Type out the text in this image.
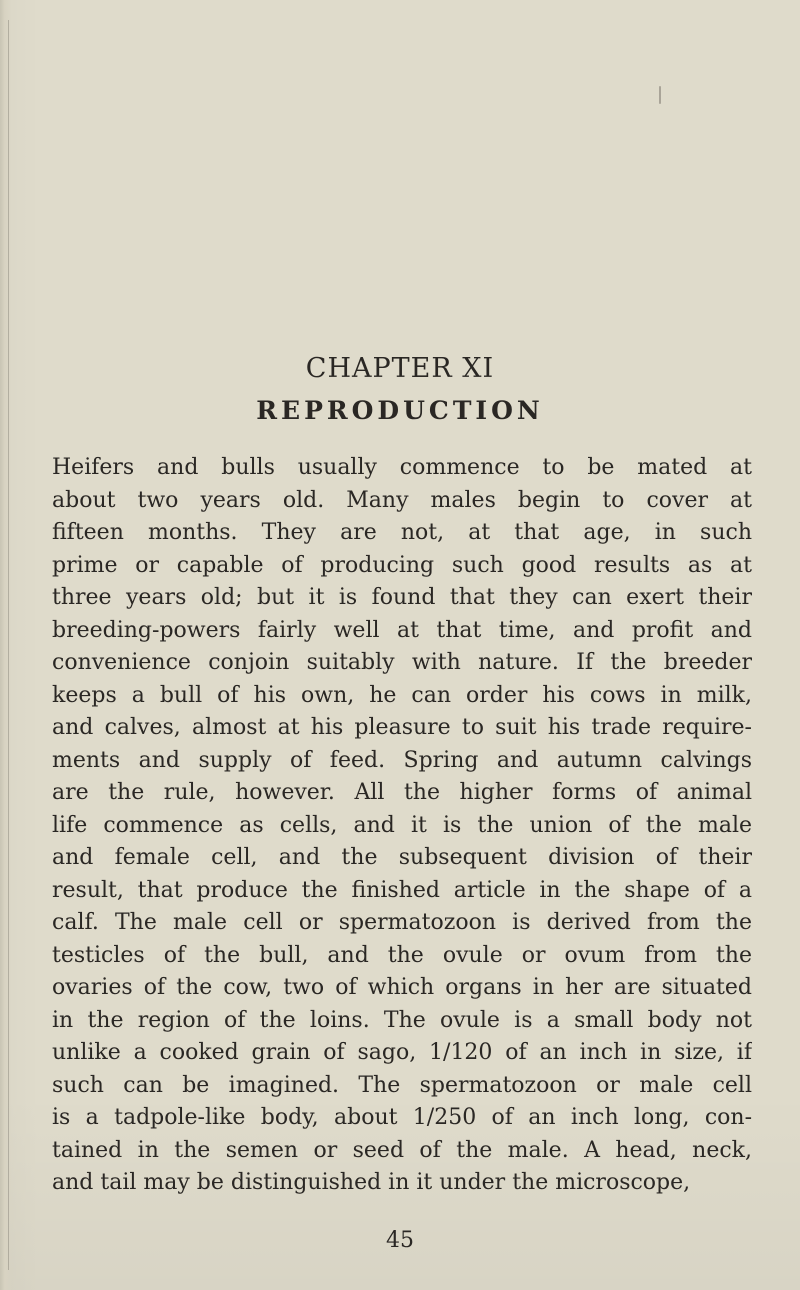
CHAPTER XI
REPRODUCTION
Heifers and bulls usually commence to be mated at
about two years old. Many males begin to cover at
fifteen months. They are not, at that age, in such
prime or capable of producing such good results as at
three years old; but it is found that they can exert their
breeding-powers fairly well at that time, and profit and
convenience conjoin suitably with nature. If the breeder
keeps a bull of his own, he can order his cows in milk,
and calves, almost at his pleasure to suit his trade require-
ments and supply of feed. Spring and autumn calvings
are the rule, however. All the higher forms of animal
life commence as cells, and it is the union of the male
and female cell, and the subsequent division of their
result, that produce the finished article in the shape of a
calf. The male cell or spermatozoon is derived from the
testicles of the bull, and the ovule or ovum from the
ovaries of the cow, two of which organs in her are situated
in the region of the loins. The ovule is a small body not
unlike a cooked grain of sago, 1/120 of an inch in size, if
such can be imagined. The spermatozoon or male cell
is a tadpole-like body, about 1/250 of an inch long, con-
tained in the semen or seed of the male. A head, neck,
and tail may be distinguished in it under the microscope,
45
